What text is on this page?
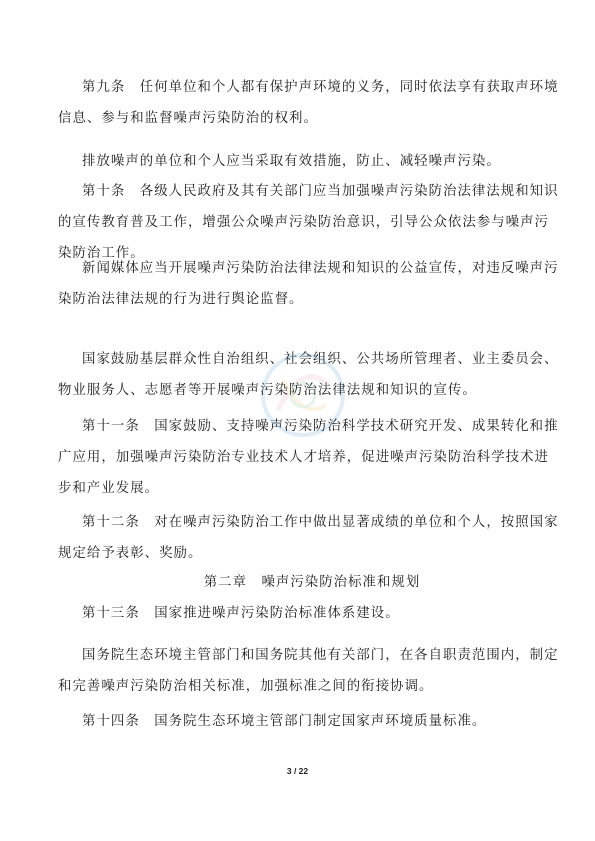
第九条　任何单位和个人都有保护声环境的义务，同时依法享有获取声环境
信息、参与和监督噪声污染防治的权利。

排放噪声的单位和个人应当采取有效措施，防止、减轻噪声污染。

第十条　各级人民政府及其有关部门应当加强噪声污染防治法律法规和知识
的宣传教育普及工作，增强公众噪声污染防治意识，引导公众依法参与噪声污
染防治工作。

新闻媒体应当开展噪声污染防治法律法规和知识的公益宣传，对违反噪声污
染防治法律法规的行为进行舆论监督。

国家鼓励基层群众性自治组织、社会组织、公共场所管理者、业主委员会、
物业服务人、志愿者等开展噪声污染防治法律法规和知识的宣传。

第十一条　国家鼓励、支持噪声污染防治科学技术研究开发、成果转化和推
广应用，加强噪声污染防治专业技术人才培养，促进噪声污染防治科学技术进
步和产业发展。

第十二条　对在噪声污染防治工作中做出显著成绩的单位和个人，按照国家
规定给予表彰、奖励。

第二章　噪声污染防治标准和规划

第十三条　国家推进噪声污染防治标准体系建设。

国务院生态环境主管部门和国务院其他有关部门，在各自职责范围内，制定
和完善噪声污染防治相关标准，加强标准之间的衔接协调。

第十四条　国务院生态环境主管部门制定国家声环境质量标准。

3 / 22
